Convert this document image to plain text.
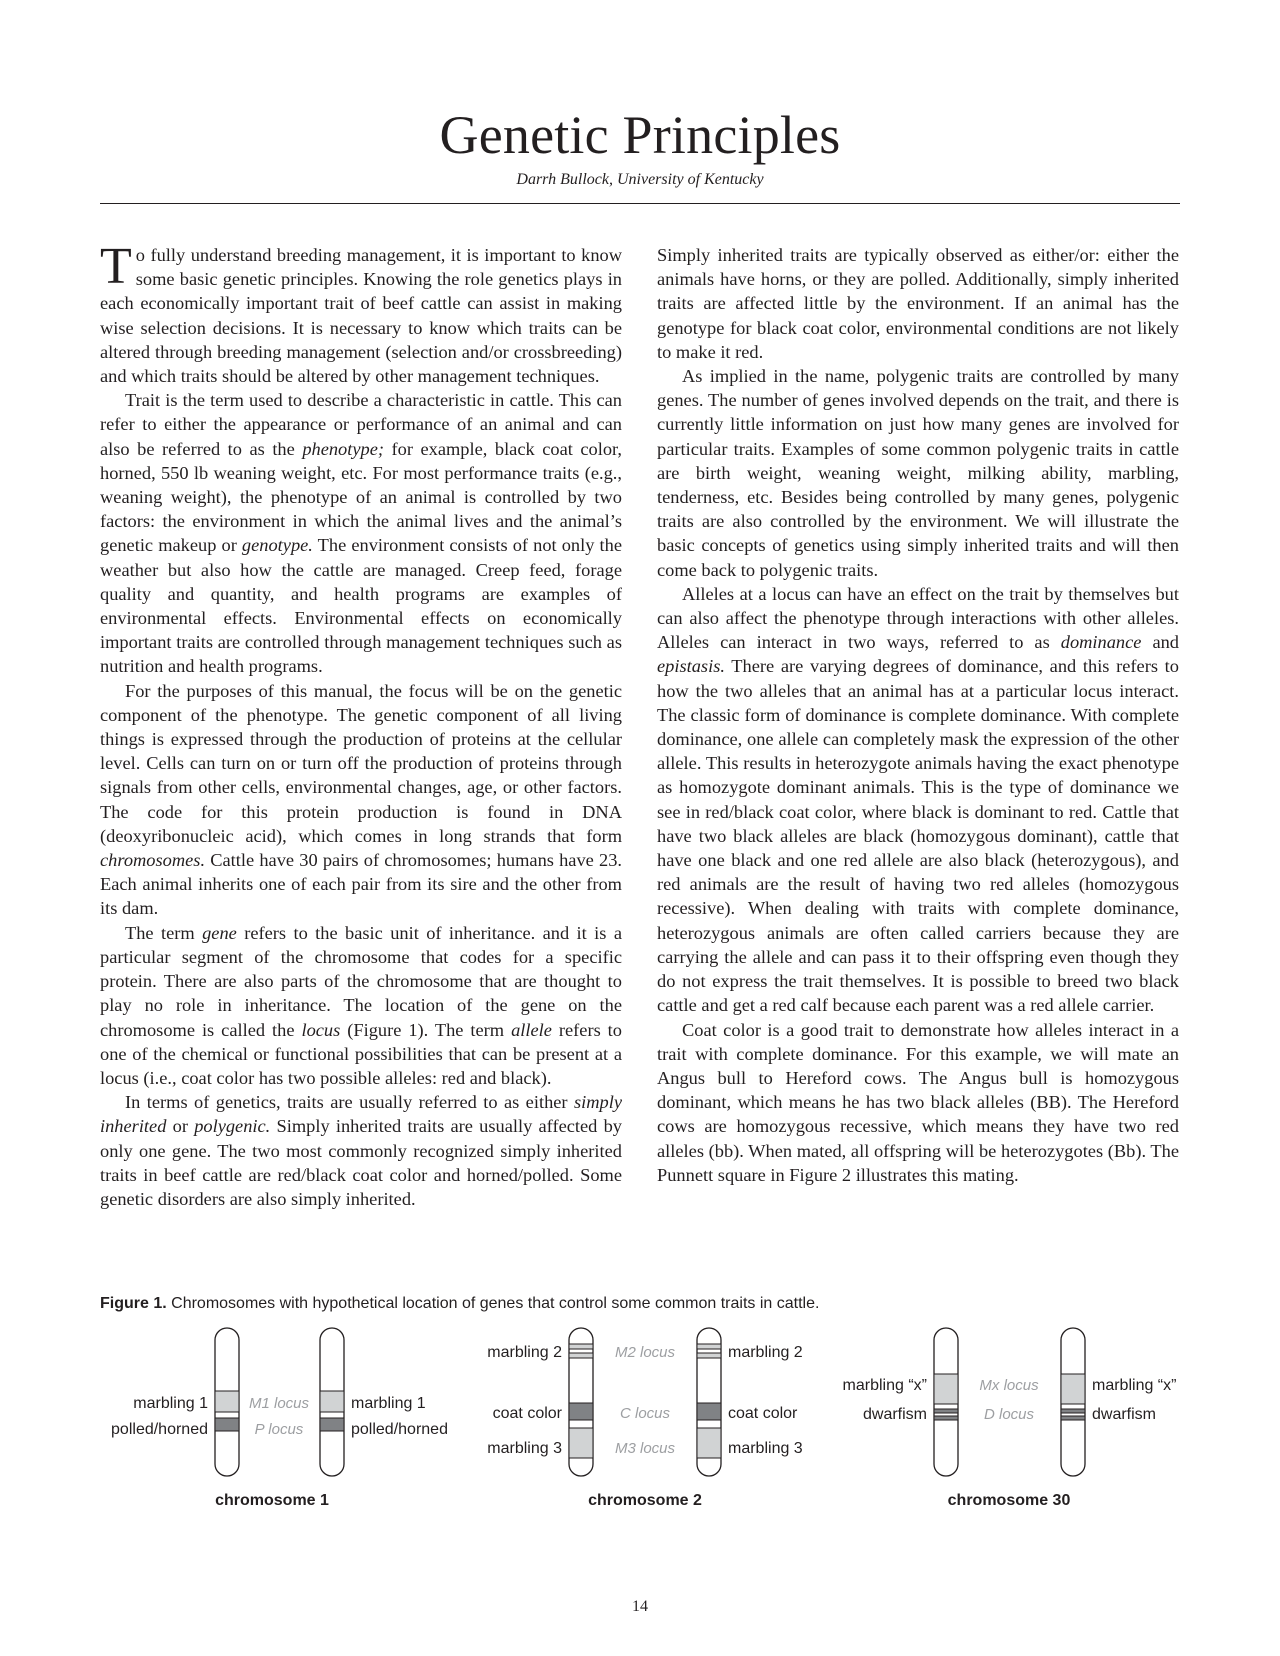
Genetic Principles
Darrh Bullock, University of Kentucky

To fully understand breeding management, it is important to know some basic genetic principles. Knowing the role genetics plays in each economically important trait of beef cattle can assist in making wise selection decisions. It is necessary to know which traits can be altered through breeding management (selection and/or crossbreeding) and which traits should be altered by other management techniques.

Trait is the term used to describe a characteristic in cattle. This can refer to either the appearance or performance of an animal and can also be referred to as the phenotype; for example, black coat color, horned, 550 lb weaning weight, etc. For most performance traits (e.g., weaning weight), the phenotype of an animal is controlled by two factors: the environment in which the animal lives and the animal’s genetic makeup or genotype. The environment consists of not only the weather but also how the cattle are managed. Creep feed, forage quality and quantity, and health programs are examples of environmental effects. Environmental effects on economically important traits are controlled through management techniques such as nutrition and health programs.

For the purposes of this manual, the focus will be on the genetic component of the phenotype. The genetic component of all living things is expressed through the production of proteins at the cellular level. Cells can turn on or turn off the production of proteins through signals from other cells, environmental changes, age, or other factors. The code for this protein production is found in DNA (deoxyribonucleic acid), which comes in long strands that form chromosomes. Cattle have 30 pairs of chromosomes; humans have 23. Each animal inherits one of each pair from its sire and the other from its dam.

The term gene refers to the basic unit of inheritance. and it is a particular segment of the chromosome that codes for a specific protein. There are also parts of the chromosome that are thought to play no role in inheritance. The location of the gene on the chromosome is called the locus (Figure 1). The term allele refers to one of the chemical or functional possibilities that can be present at a locus (i.e., coat color has two possible alleles: red and black).

In terms of genetics, traits are usually referred to as either simply inherited or polygenic. Simply inherited traits are usually affected by only one gene. The two most commonly recognized simply inherited traits in beef cattle are red/black coat color and horned/polled. Some genetic disorders are also simply inherited.

Simply inherited traits are typically observed as either/or: either the animals have horns, or they are polled. Additionally, simply inherited traits are affected little by the environment. If an animal has the genotype for black coat color, environmental conditions are not likely to make it red.

As implied in the name, polygenic traits are controlled by many genes. The number of genes involved depends on the trait, and there is currently little information on just how many genes are involved for particular traits. Examples of some common polygenic traits in cattle are birth weight, weaning weight, milking ability, marbling, tenderness, etc. Besides being controlled by many genes, polygenic traits are also controlled by the environment. We will illustrate the basic concepts of genetics using simply inherited traits and will then come back to polygenic traits.

Alleles at a locus can have an effect on the trait by themselves but can also affect the phenotype through interactions with other alleles. Alleles can interact in two ways, referred to as dominance and epistasis. There are varying degrees of dominance, and this refers to how the two alleles that an animal has at a particular locus interact. The classic form of dominance is complete dominance. With complete dominance, one allele can completely mask the expression of the other allele. This results in heterozygote animals having the exact phenotype as homozygote dominant animals. This is the type of dominance we see in red/black coat color, where black is dominant to red. Cattle that have two black alleles are black (homozygous dominant), cattle that have one black and one red allele are also black (heterozygous), and red animals are the result of having two red alleles (homozygous recessive). When dealing with traits with complete dominance, heterozygous animals are often called carriers because they are carrying the allele and can pass it to their offspring even though they do not express the trait themselves. It is possible to breed two black cattle and get a red calf because each parent was a red allele carrier.

Coat color is a good trait to demonstrate how alleles interact in a trait with complete dominance. For this example, we will mate an Angus bull to Hereford cows. The Angus bull is homozygous dominant, which means he has two black alleles (BB). The Hereford cows are homozygous recessive, which means they have two red alleles (bb). When mated, all offspring will be heterozygotes (Bb). The Punnett square in Figure 2 illustrates this mating.

Figure 1. Chromosomes with hypothetical location of genes that control some common traits in cattle.
marbling 1
polled/horned
M1 locus
P locus
marbling 1
polled/horned
chromosome 1
marbling 2
coat color
marbling 3
M2 locus
C locus
M3 locus
marbling 2
coat color
marbling 3
chromosome 2
marbling “x”
dwarfism
Mx locus
D locus
marbling “x”
dwarfism
chromosome 30
14
